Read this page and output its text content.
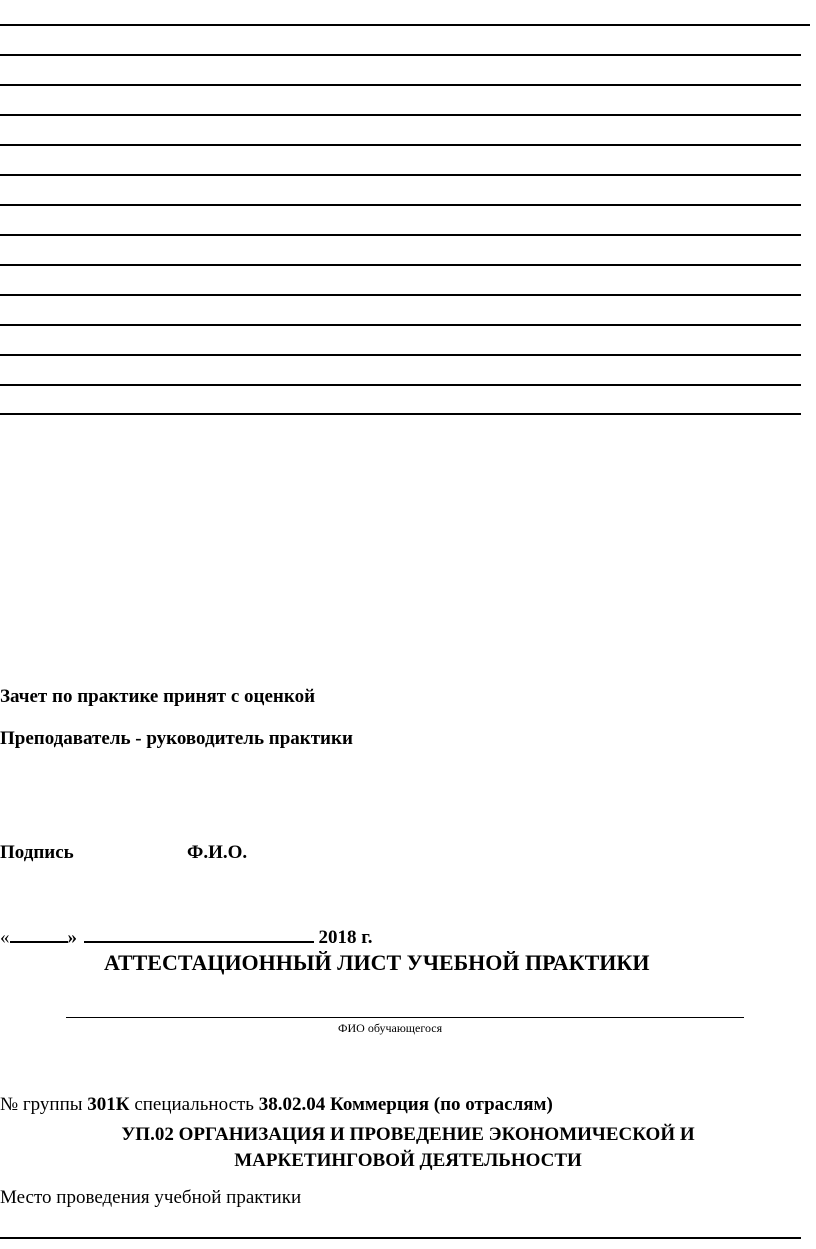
Зачет по практике принят с оценкой
Преподаватель - руководитель практики
Подпись	Ф.И.О.
«	»	2018 г.
АТТЕСТАЦИОННЫЙ ЛИСТ УЧЕБНОЙ ПРАКТИКИ
ФИО обучающегося
№ группы 301К специальность 38.02.04 Коммерция (по отраслям)
УП.02 ОРГАНИЗАЦИЯ И ПРОВЕДЕНИЕ ЭКОНОМИЧЕСКОЙ И
МАРКЕТИНГОВОЙ ДЕЯТЕЛЬНОСТИ
Место проведения учебной практики
